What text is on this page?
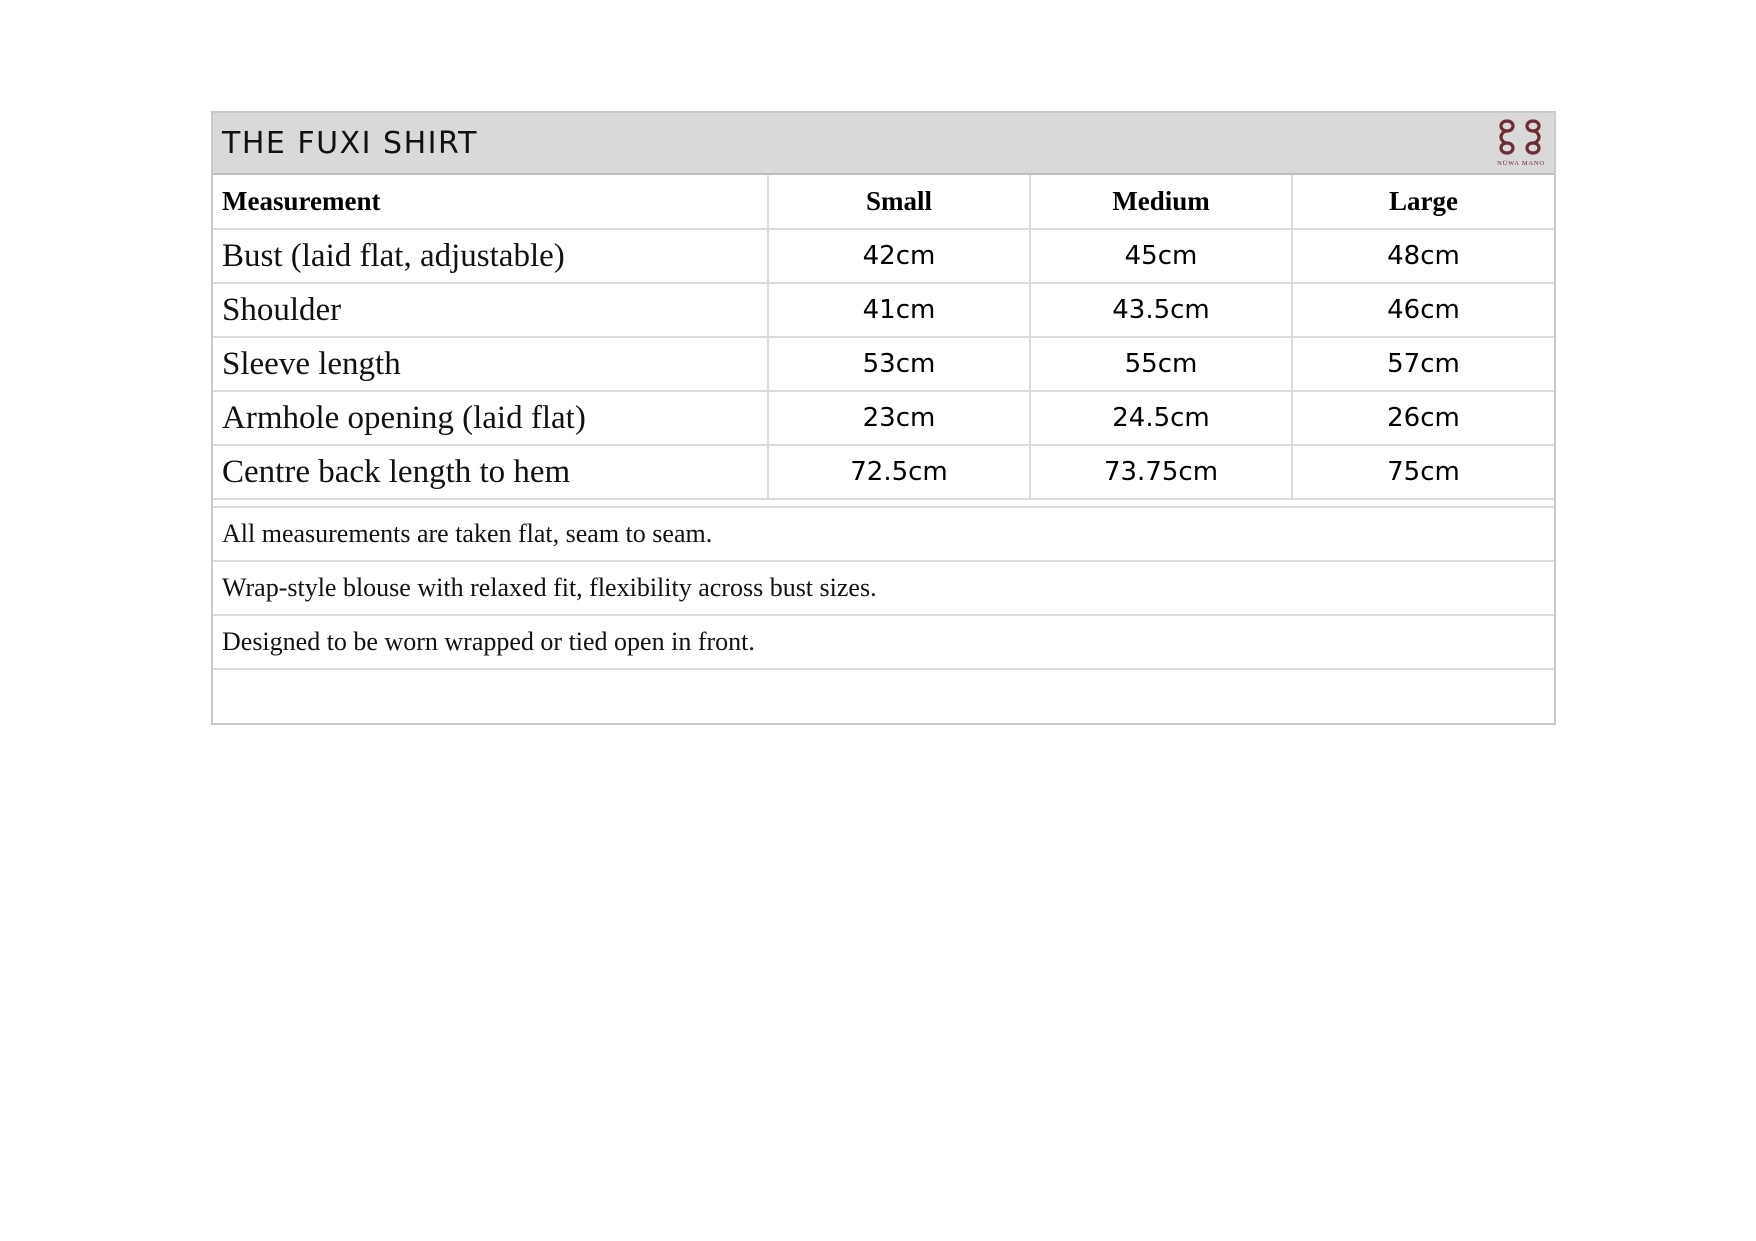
THE FUXI SHIRT
NŪWA MANO
Measurement	Small	Medium	Large
Bust (laid flat, adjustable)	42cm	45cm	48cm
Shoulder	41cm	43.5cm	46cm
Sleeve length	53cm	55cm	57cm
Armhole opening (laid flat)	23cm	24.5cm	26cm
Centre back length to hem	72.5cm	73.75cm	75cm

All measurements are taken flat, seam to seam.			
Wrap-style blouse with relaxed fit, flexibility across bust sizes.			
Designed to be worn wrapped or tied open in front.			
